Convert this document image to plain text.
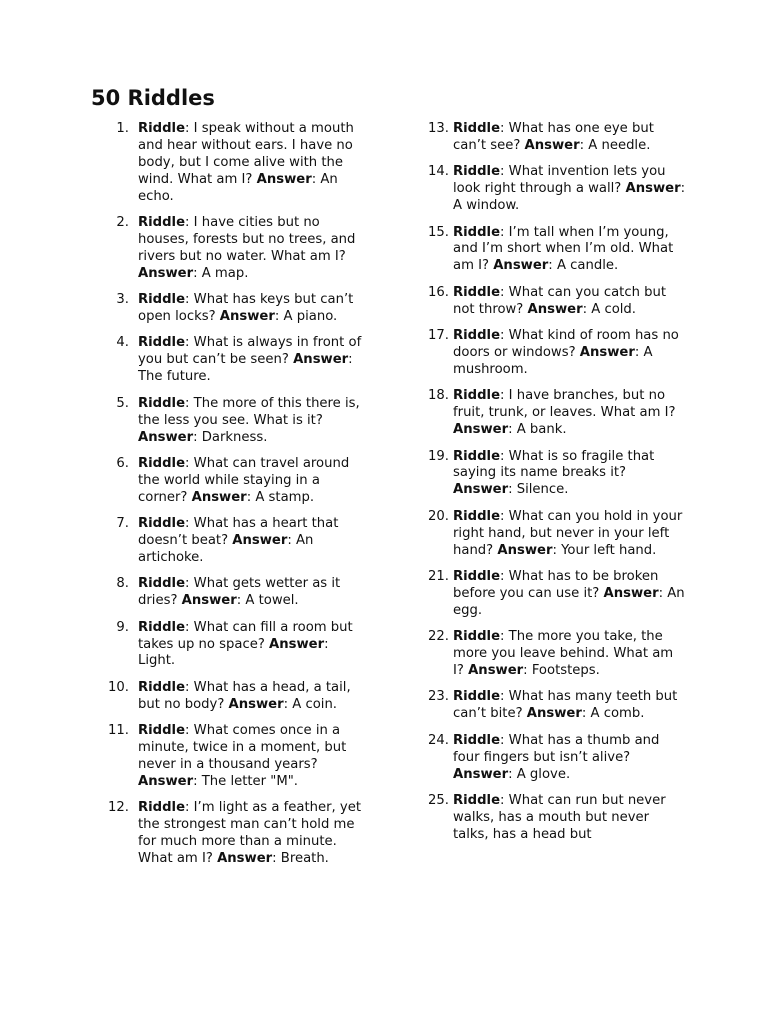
50 Riddles
1. Riddle: I speak without a mouth and hear without ears. I have no body, but I come alive with the wind. What am I? Answer: An echo.
2. Riddle: I have cities but no houses, forests but no trees, and rivers but no water. What am I? Answer: A map.
3. Riddle: What has keys but can’t open locks? Answer: A piano.
4. Riddle: What is always in front of you but can’t be seen? Answer: The future.
5. Riddle: The more of this there is, the less you see. What is it? Answer: Darkness.
6. Riddle: What can travel around the world while staying in a corner? Answer: A stamp.
7. Riddle: What has a heart that doesn’t beat? Answer: An artichoke.
8. Riddle: What gets wetter as it dries? Answer: A towel.
9. Riddle: What can fill a room but takes up no space? Answer: Light.
10. Riddle: What has a head, a tail, but no body? Answer: A coin.
11. Riddle: What comes once in a minute, twice in a moment, but never in a thousand years? Answer: The letter "M".
12. Riddle: I’m light as a feather, yet the strongest man can’t hold me for much more than a minute. What am I? Answer: Breath.
13. Riddle: What has one eye but can’t see? Answer: A needle.
14. Riddle: What invention lets you look right through a wall? Answer: A window.
15. Riddle: I’m tall when I’m young, and I’m short when I’m old. What am I? Answer: A candle.
16. Riddle: What can you catch but not throw? Answer: A cold.
17. Riddle: What kind of room has no doors or windows? Answer: A mushroom.
18. Riddle: I have branches, but no fruit, trunk, or leaves. What am I? Answer: A bank.
19. Riddle: What is so fragile that saying its name breaks it? Answer: Silence.
20. Riddle: What can you hold in your right hand, but never in your left hand? Answer: Your left hand.
21. Riddle: What has to be broken before you can use it? Answer: An egg.
22. Riddle: The more you take, the more you leave behind. What am I? Answer: Footsteps.
23. Riddle: What has many teeth but can’t bite? Answer: A comb.
24. Riddle: What has a thumb and four fingers but isn’t alive? Answer: A glove.
25. Riddle: What can run but never walks, has a mouth but never talks, has a head but
